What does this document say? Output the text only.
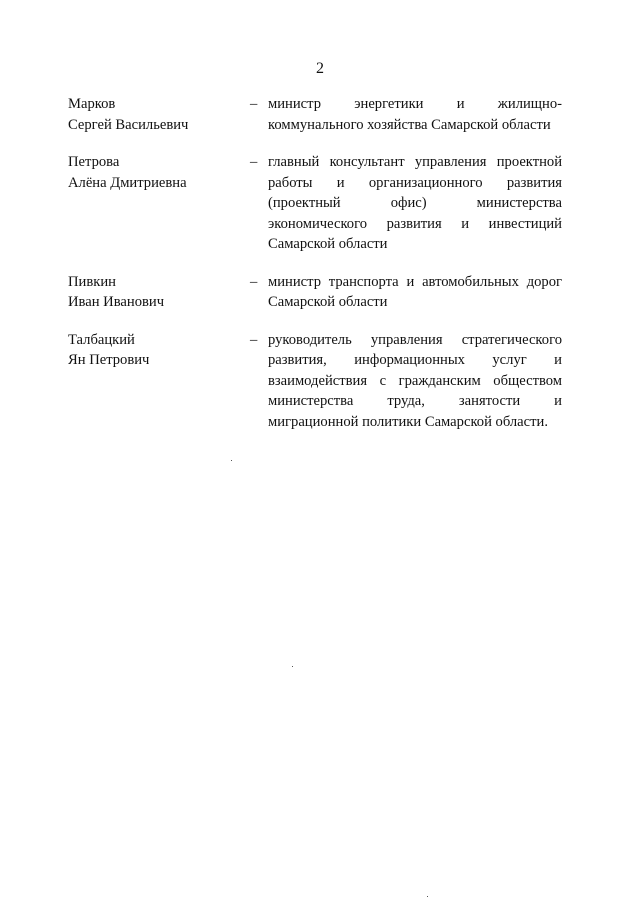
2
Марков
Сергей Васильевич
– министр энергетики и жилищно-коммунального хозяйства Самарской области
Петрова
Алёна Дмитриевна
– главный консультант управления проектной работы и организационного развития (проектный офис) министерства экономического развития и инвестиций Самарской области
Пивкин
Иван Иванович
– министр транспорта и автомобильных дорог Самарской области
Талбацкий
Ян Петрович
– руководитель управления стратегического развития, информационных услуг и взаимодействия с гражданским обществом министерства труда, занятости и миграционной политики Самарской области.
